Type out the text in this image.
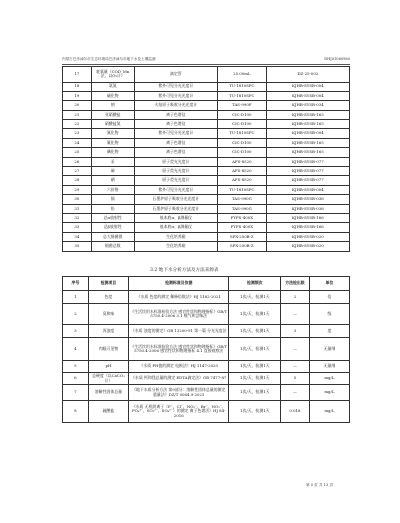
内蒙古巴彦淖尔市生态环境局巴彦淖尔市地下水及土壤监测	DHJ01060980
17	耗氧量（COD_Mn法，以O₂计）	滴定管	25.00mL	DZ-25-002
18	氨氮	紫外可见分光光度计	TU-1810SPC	KJHB-SYSB-004
19	硫化物	紫外可见分光光度计	TU-1810SPC	KJHB-SYSB-004
20	钠	火焰原子吸收分光光度计	TAS-990F	KJHB-SYSB-034
21	亚硝酸盐	离子色谱仪	CIC-D100	KJHB-SYSB-165
22	硝酸盐氮	离子色谱仪	CIC-D100	KJHB-SYSB-165
23	氰化物	紫外可见分光光度计	TU-1810SPC	KJHB-SYSB-004
24	氟化物	离子色谱仪	CIC-D100	KJHB-SYSB-165
25	碘化物	离子色谱仪	CIC-D100	KJHB-SYSB-165
26	汞	原子荧光光度计	AFS-8520	KJHB-SYSB-077
27	砷	原子荧光光度计	AFS-8520	KJHB-SYSB-077
28	硒	原子荧光光度计	AFS-8520	KJHB-SYSB-077
29	六价铬	紫外可见分光光度计	TU-1810SPC	KJHB-SYSB-004
30	镉	石墨炉原子吸收分光光度计	TAS-990G	KJHB-SYSB-036
31	铅	石墨炉原子吸收分光光度计	TAS-990G	KJHB-SYSB-036
32	总α放射性	低本底α、β测量仪	FYFS-400X	KJHB-SYSB-166
33	总β放射性	低本底α、β测量仪	FYFS-400X	KJHB-SYSB-166
34	总大肠菌群	生化培养箱	SPX-250B-Z	KJHB-SYSB-020
35	细菌总数	生化培养箱	SPX-250B-Z	KJHB-SYSB-020
3.2 地下水分析方法及方法来源表
序号	检测项目	检测标准及依据	检测频次	方法检出限	单位
1	色度	《水质 色度的测定 稀释倍数法》HJ 1182-2021	1次/天，检测1天	2	倍
2	臭和味	《生活饮用水标准检验方法 感官性状和物理指标》GB/T 5750.4-2006 3.1 嗅气和尝味法	1次/天，检测1天	—	级
3	浑浊度	《水质 浊度的测定》GB 13200-91 第一篇 分光光度法	1次/天，检测1天	3	度
4	肉眼可见物	《生活饮用水标准检验方法 感官性状和物理指标》GB/T 5750.4-2006 感官性状和物理指标 4.1 直接观察法	1次/天，检测1天	—	无量纲
5	pH	《水质 PH值的测定 电极法》HJ 1147-2020	1次/天，检测1天	—	无量纲
6	总硬度（以CaCO₃计）	《水质 钙和镁总量的测定 EDTA滴定法》GB 7477-87	1次/天，检测1天	5	mg/L
7	溶解性固体总量	《地下水质分析方法 第9部分：溶解性固体总量的测定 重量法》DZ/T 0064.9-2021	1次/天，检测1天	—	mg/L
8	硫酸盐	《水质 无机阴离子（F⁻、Cl⁻、NO₂⁻、Br⁻、NO₃⁻、PO₄³⁻、SO₃²⁻、SO₄²⁻）的测定 离子色谱法》HJ 84-2016	1次/天，检测1天	0.018	mg/L
第 5 页 共 13 页
